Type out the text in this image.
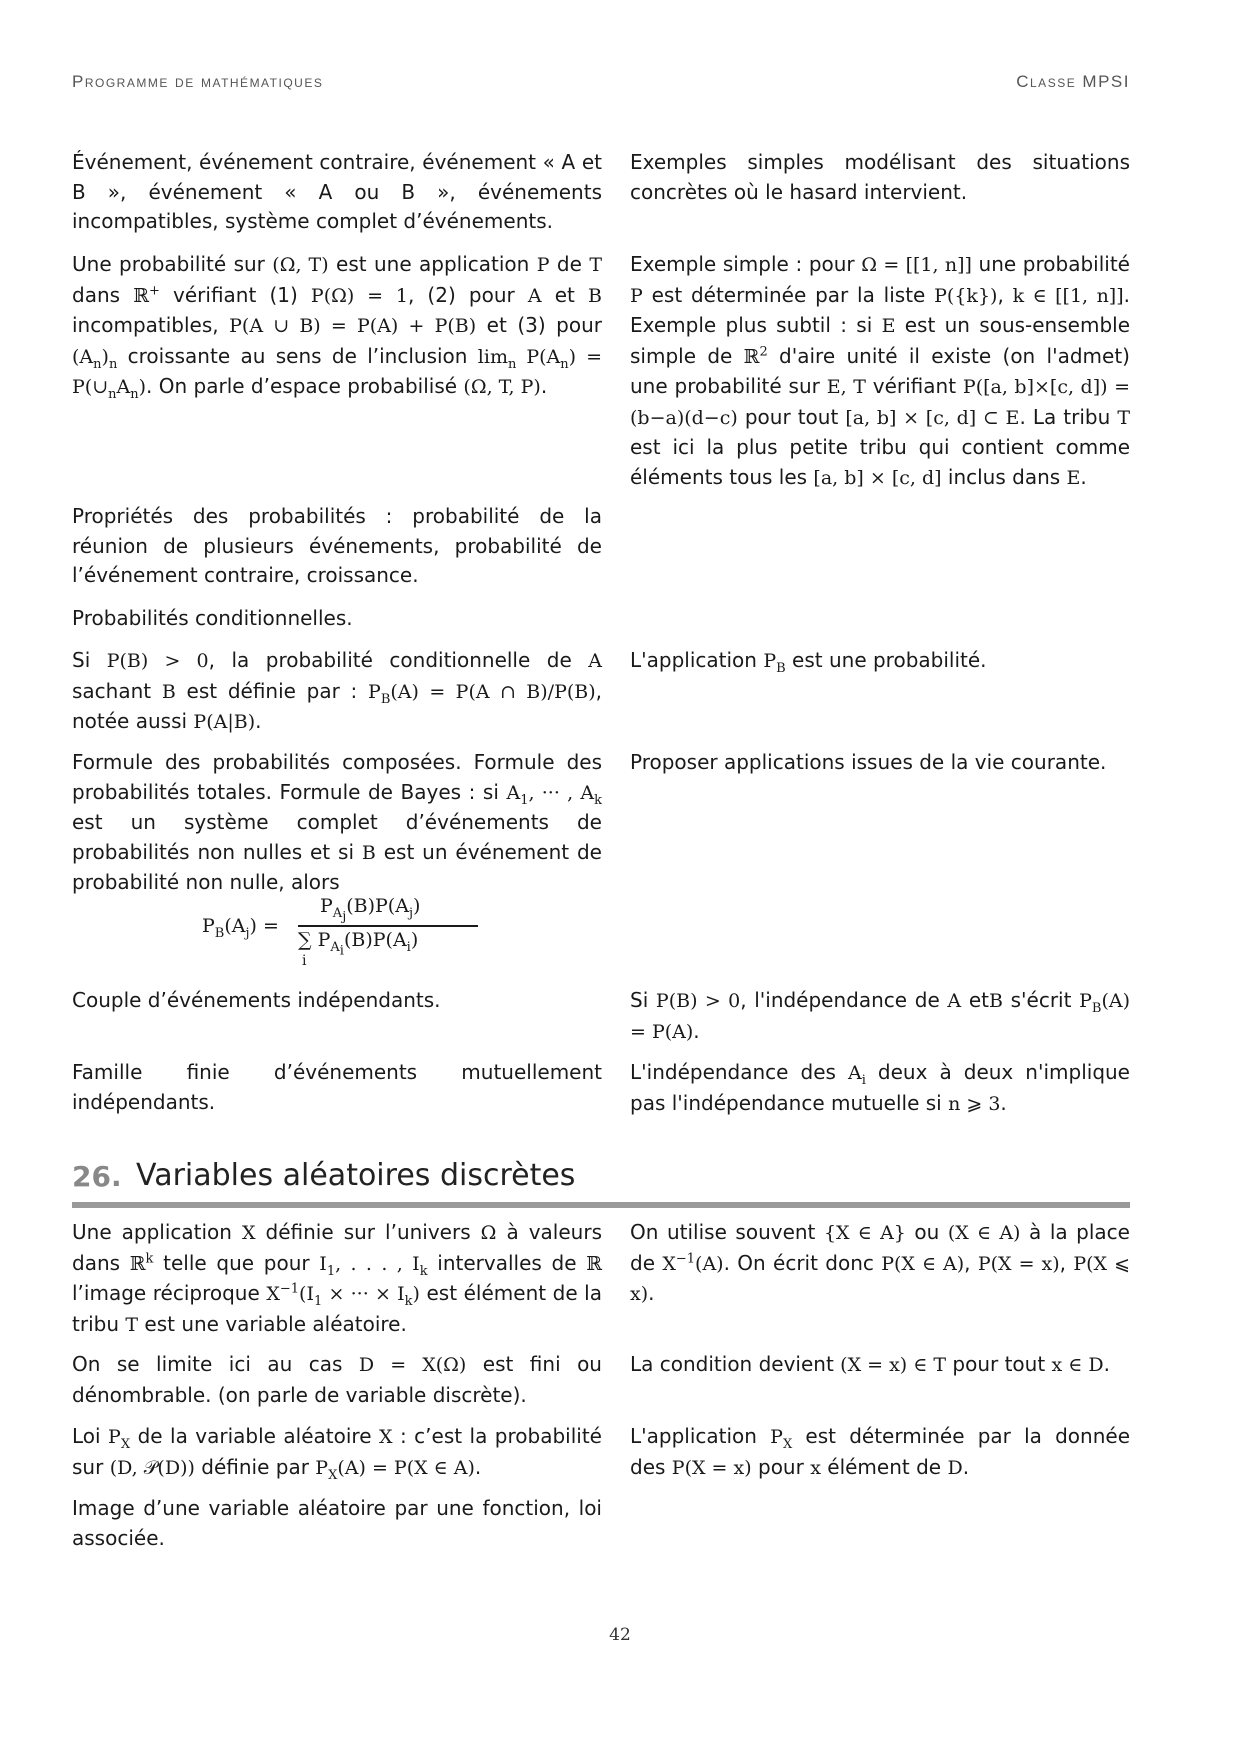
Programme de mathématiques	Classe MPSI
Événement, événement contraire, événement « A et B », événement « A ou B », événements incompatibles, système complet d’événements.
Exemples simples modélisant des situations concrètes où le hasard intervient.
Une probabilité sur (Ω, T) est une application P de T dans ℝ+ vérifiant (1) P(Ω) = 1, (2) pour A et B incompatibles, P(A ∪ B) = P(A) + P(B) et (3) pour $(A_n)_n$ croissante au sens de l’inclusion $\lim_n P(A_n)$ = $P(\cup_nA_n)$. On parle d’espace probabilisé (Ω, T, P).
Exemple simple : pour Ω = [[1, n]] une probabilité P est déterminée par la liste P({k}), k ∈ [[1, n]]. Exemple plus subtil : si E est un sous-ensemble simple de ℝ$^2$ d'aire unité il existe (on l'admet) une probabilité sur E, T vérifiant P([a, b]×[c, d]) = (b−a)(d−c) pour tout [a, b] × [c, d] ⊂ E. La tribu T est ici la plus petite tribu qui contient comme éléments tous les [a, b] × [c, d] inclus dans E.
Propriétés des probabilités : probabilité de la réunion de plusieurs événements, probabilité de l’événement contraire, croissance.
Probabilités conditionnelles.
Si P(B) > 0, la probabilité conditionnelle de A sachant B est définie par : $P_B(A) = P(A$ ∩ B)/P(B), notée aussi P(A|B).
L'application $P_B$ est une probabilité.
Formule des probabilités composées. Formule des probabilités totales. Formule de Bayes : si $A_1$, ··· , $A_k$ est un système complet d’événements de probabilités non nulles et si B est un événement de probabilité non nulle, alors
Proposer applications issues de la vie courante.
$P_B(A_j)$ =
$P_{A_j}(B)P(A_j)$
∑ $P_{A_i}(B)P(A_i)$
i
Couple d’événements indépendants.	Si P(B) > 0, l'indépendance de A etB s'écrit $P_B(A) = P(A)$.
Famille finie d’événements mutuellement indépendants.
L'indépendance des $A_i$ deux à deux n'implique pas l'indépendance mutuelle si n ⩾ 3.
26. Variables aléatoires discrètes
Une application X définie sur l’univers Ω à valeurs dans ℝ$^k$ telle que pour $I_1$, . . . , $I_k$ intervalles de ℝ l’image réciproque $X^{-1}(I_1$ × ··· × $I_k$) est élément de la tribu T est une variable aléatoire.
On utilise souvent {X ∈ A} ou (X ∈ A) à la place de $X^{-1}(A)$. On écrit donc P(X ∈ A), P(X = x), P(X ⩽ x).
On se limite ici au cas D = X(Ω) est fini ou dénombrable. (on parle de variable discrète).
La condition devient (X = x) ∈ T pour tout x ∈ D.
Loi $P_X$ de la variable aléatoire X : c’est la probabilité sur (D, 𝒫(D)) définie par $P_X(A) = P(X$ ∈ A).
L'application $P_X$ est déterminée par la donnée des P(X = x) pour x élément de D.
Image d’une variable aléatoire par une fonction, loi associée.
42
